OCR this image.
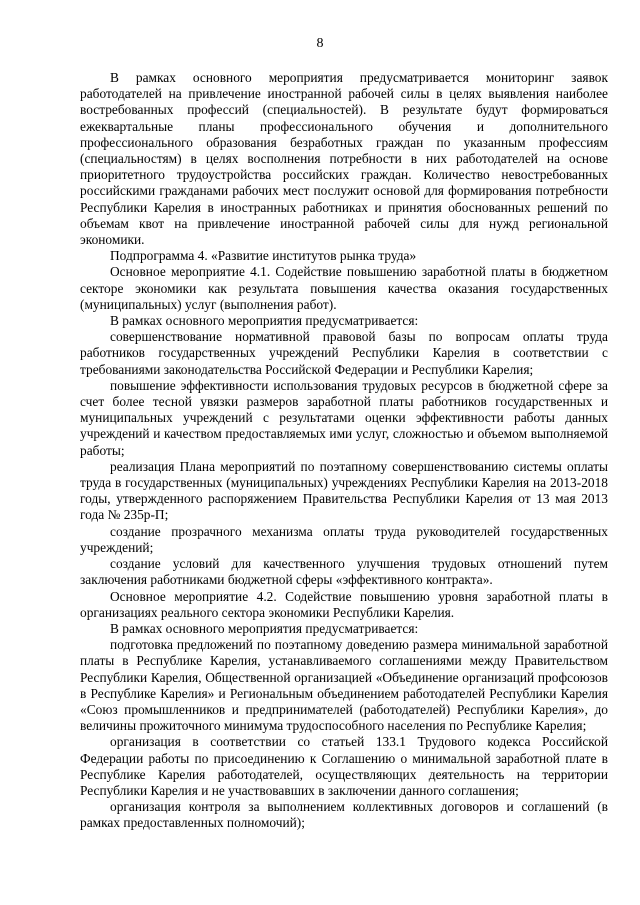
8

В рамках основного мероприятия предусматривается мониторинг заявок работодателей на привлечение иностранной рабочей силы в целях выявления наиболее востребованных профессий (специальностей). В результате будут формироваться ежеквартальные планы профессионального обучения и дополнительного профессионального образования безработных граждан по указанным профессиям (специальностям) в целях восполнения потребности в них работодателей на основе приоритетного трудоустройства российских граждан. Количество невостребованных российскими гражданами рабочих мест послужит основой для формирования потребности Республики Карелия в иностранных работниках и принятия обоснованных решений по объемам квот на привлечение иностранной рабочей силы для нужд региональной экономики.

Подпрограмма 4. «Развитие институтов рынка труда»

Основное мероприятие 4.1. Содействие повышению заработной платы в бюджетном секторе экономики как результата повышения качества оказания государственных (муниципальных) услуг (выполнения работ).

В рамках основного мероприятия предусматривается:

совершенствование нормативной правовой базы по вопросам оплаты труда работников государственных учреждений Республики Карелия в соответствии с требованиями законодательства Российской Федерации и Республики Карелия;

повышение эффективности использования трудовых ресурсов в бюджетной сфере за счет более тесной увязки размеров заработной платы работников государственных и муниципальных учреждений с результатами оценки эффективности работы данных учреждений и качеством предоставляемых ими услуг, сложностью и объемом выполняемой работы;

реализация Плана мероприятий по поэтапному совершенствованию системы оплаты труда в государственных (муниципальных) учреждениях Республики Карелия на 2013-2018 годы, утвержденного распоряжением Правительства Республики Карелия от 13 мая 2013 года № 235р-П;

создание прозрачного механизма оплаты труда руководителей государственных учреждений;

создание условий для качественного улучшения трудовых отношений путем заключения работниками бюджетной сферы «эффективного контракта».

Основное мероприятие 4.2. Содействие повышению уровня заработной платы в организациях реального сектора экономики Республики Карелия.

В рамках основного мероприятия предусматривается:

подготовка предложений по поэтапному доведению размера минимальной заработной платы в Республике Карелия, устанавливаемого соглашениями между Правительством Республики Карелия, Общественной организацией «Объединение организаций профсоюзов в Республике Карелия» и Региональным объединением работодателей Республики Карелия «Союз промышленников и предпринимателей (работодателей) Республики Карелия», до величины прожиточного минимума трудоспособного населения по Республике Карелия;

организация в соответствии со статьей 133.1 Трудового кодекса Российской Федерации работы по присоединению к Соглашению о минимальной заработной плате в Республике Карелия работодателей, осуществляющих деятельность на территории Республики Карелия и не участвовавших в заключении данного соглашения;

организация контроля за выполнением коллективных договоров и соглашений (в рамках предоставленных полномочий);
